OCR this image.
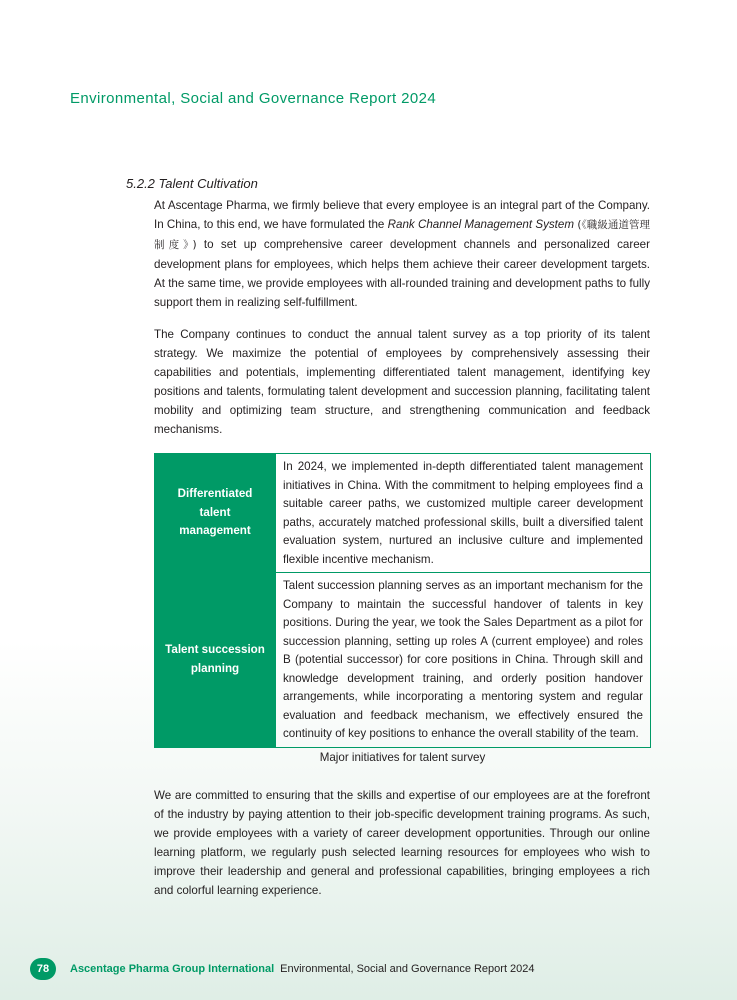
Environmental, Social and Governance Report 2024
5.2.2 Talent Cultivation
At Ascentage Pharma, we firmly believe that every employee is an integral part of the Company. In China, to this end, we have formulated the Rank Channel Management System (《職級通道管理制度》) to set up comprehensive career development channels and personalized career development plans for employees, which helps them achieve their career development targets. At the same time, we provide employees with all-rounded training and development paths to fully support them in realizing self-fulfillment.
The Company continues to conduct the annual talent survey as a top priority of its talent strategy. We maximize the potential of employees by comprehensively assessing their capabilities and potentials, implementing differentiated talent management, identifying key positions and talents, formulating talent development and succession planning, facilitating talent mobility and optimizing team structure, and strengthening communication and feedback mechanisms.
Differentiated talent management	In 2024, we implemented in-depth differentiated talent management initiatives in China. With the commitment to helping employees find a suitable career paths, we customized multiple career development paths, accurately matched professional skills, built a diversified talent evaluation system, nurtured an inclusive culture and implemented flexible incentive mechanism.
Talent succession planning	Talent succession planning serves as an important mechanism for the Company to maintain the successful handover of talents in key positions. During the year, we took the Sales Department as a pilot for succession planning, setting up roles A (current employee) and roles B (potential successor) for core positions in China. Through skill and knowledge development training, and orderly position handover arrangements, while incorporating a mentoring system and regular evaluation and feedback mechanism, we effectively ensured the continuity of key positions to enhance the overall stability of the team.
Major initiatives for talent survey
We are committed to ensuring that the skills and expertise of our employees are at the forefront of the industry by paying attention to their job-specific development training programs. As such, we provide employees with a variety of career development opportunities. Through our online learning platform, we regularly push selected learning resources for employees who wish to improve their leadership and general and professional capabilities, bringing employees a rich and colorful learning experience.
78	Ascentage Pharma Group International Environmental, Social and Governance Report 2024
